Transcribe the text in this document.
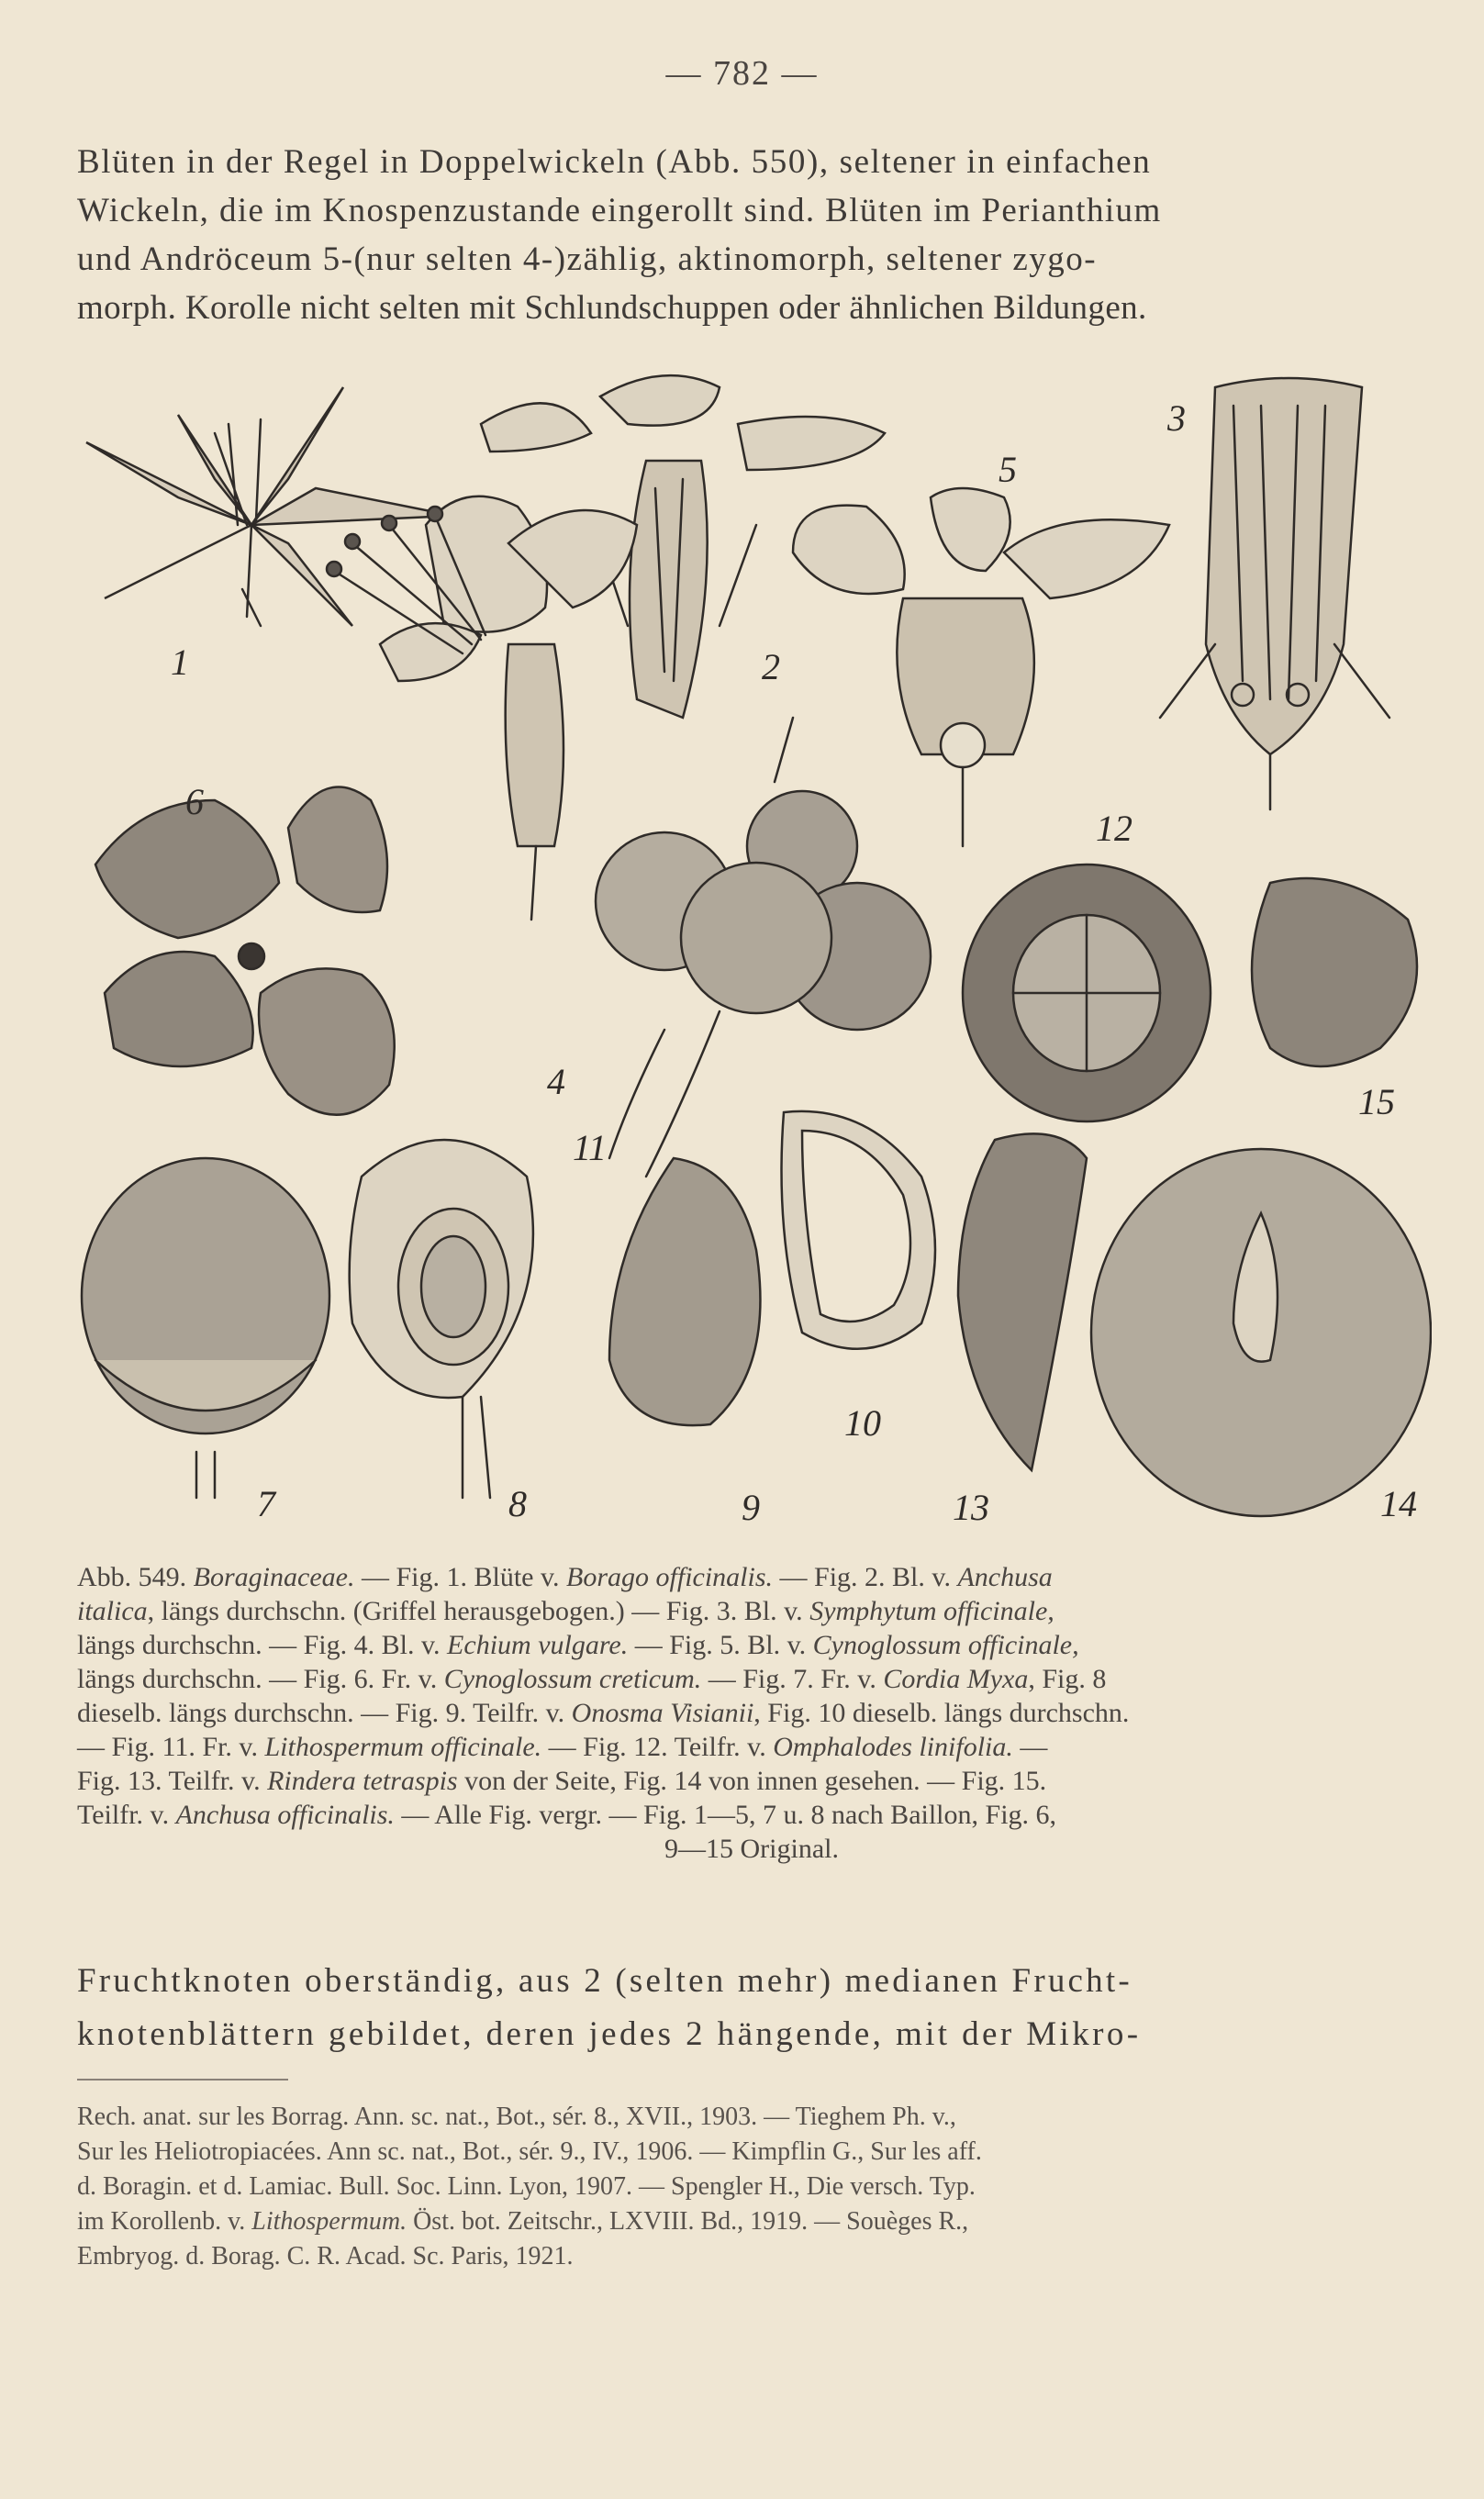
— 782 —
Blüten in der Regel in Doppelwickeln (Abb. 550), seltener in einfachen
Wickeln, die im Knospenzustande eingerollt sind. Blüten im Perianthium
und Andröceum 5-(nur selten 4-)zählig, aktinomorph, seltener zygo-
morph. Korolle nicht selten mit Schlundschuppen oder ähnlichen Bildungen.
1	2
3
4
5
6
7	8	9
10
11
12
13	14
15
Abb. 549. Boraginaceae. — Fig. 1. Blüte v. Borago officinalis. — Fig. 2. Bl. v. Anchusa
italica, längs durchschn. (Griffel herausgebogen.) — Fig. 3. Bl. v. Symphytum officinale,
längs durchschn. — Fig. 4. Bl. v. Echium vulgare. — Fig. 5. Bl. v. Cynoglossum officinale,
längs durchschn. — Fig. 6. Fr. v. Cynoglossum creticum. — Fig. 7. Fr. v. Cordia Myxa, Fig. 8
dieselb. längs durchschn. — Fig. 9. Teilfr. v. Onosma Visianii, Fig. 10 dieselb. längs durchschn.
— Fig. 11. Fr. v. Lithospermum officinale. — Fig. 12. Teilfr. v. Omphalodes linifolia. —
Fig. 13. Teilfr. v. Rindera tetraspis von der Seite, Fig. 14 von innen gesehen. — Fig. 15.
Teilfr. v. Anchusa officinalis. — Alle Fig. vergr. — Fig. 1—5, 7 u. 8 nach Baillon, Fig. 6,
9—15 Original.
Fruchtknoten oberständig, aus 2 (selten mehr) medianen Frucht-
knotenblättern gebildet, deren jedes 2 hängende, mit der Mikro-
Rech. anat. sur les Borrag. Ann. sc. nat., Bot., sér. 8., XVII., 1903. — Tieghem Ph. v.,
Sur les Heliotropiacées. Ann sc. nat., Bot., sér. 9., IV., 1906. — Kimpflin G., Sur les aff.
d. Boragin. et d. Lamiac. Bull. Soc. Linn. Lyon, 1907. — Spengler H., Die versch. Typ.
im Korollenb. v. Lithospermum. Öst. bot. Zeitschr., LXVIII. Bd., 1919. — Souèges R.,
Embryog. d. Borag. C. R. Acad. Sc. Paris, 1921.
